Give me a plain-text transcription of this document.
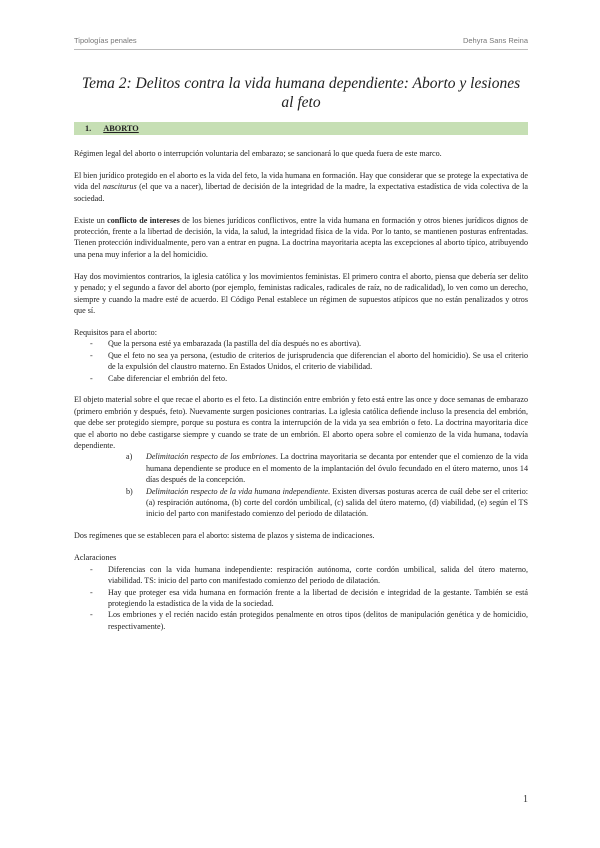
Tipologías penales	Dehyra Sans Reina
Tema 2: Delitos contra la vida humana dependiente: Aborto y lesiones al feto
1. ABORTO

Régimen legal del aborto o interrupción voluntaria del embarazo; se sancionará lo que queda fuera de este marco.

El bien jurídico protegido en el aborto es la vida del feto, la vida humana en formación. Hay que considerar que se protege la expectativa de vida del nasciturus (el que va a nacer), libertad de decisión de la integridad de la madre, la expectativa estadística de vida colectiva de la sociedad.

Existe un conflicto de intereses de los bienes jurídicos conflictivos, entre la vida humana en formación y otros bienes jurídicos dignos de protección, frente a la libertad de decisión, la vida, la salud, la integridad física de la vida. Por lo tanto, se mantienen posturas enfrentadas. Tienen protección individualmente, pero van a entrar en pugna. La doctrina mayoritaria acepta las excepciones al aborto típico, atribuyendo una pena muy inferior a la del homicidio.

Hay dos movimientos contrarios, la iglesia católica y los movimientos feministas. El primero contra el aborto, piensa que debería ser delito y penado; y el segundo a favor del aborto (por ejemplo, feministas radicales, radicales de raíz, no de radicalidad), lo ven como un derecho, siempre y cuando la madre esté de acuerdo. El Código Penal establece un régimen de supuestos atípicos que no están penalizados y otros que sí.

Requisitos para el aborto:
- Que la persona esté ya embarazada (la pastilla del día después no es abortiva).
- Que el feto no sea ya persona, (estudio de criterios de jurisprudencia que diferencian el aborto del homicidio). Se usa el criterio de la expulsión del claustro materno. En Estados Unidos, el criterio de viabilidad.
- Cabe diferenciar el embrión del feto.

El objeto material sobre el que recae el aborto es el feto. La distinción entre embrión y feto está entre las once y doce semanas de embarazo (primero embrión y después, feto). Nuevamente surgen posiciones contrarias. La iglesia católica defiende incluso la presencia del embrión, que debe ser protegido siempre, porque su postura es contra la interrupción de la vida ya sea embrión o feto. La doctrina mayoritaria dice que el aborto no debe castigarse siempre y cuando se trate de un embrión. El aborto opera sobre el comienzo de la vida humana, todavía dependiente.

a) Delimitación respecto de los embriones. La doctrina mayoritaria se decanta por entender que el comienzo de la vida humana dependiente se produce en el momento de la implantación del óvulo fecundado en el útero materno, unos 14 días después de la concepción.
b) Delimitación respecto de la vida humana independiente. Existen diversas posturas acerca de cuál debe ser el criterio: (a) respiración autónoma, (b) corte del cordón umbilical, (c) salida del útero materno, (d) viabilidad, (e) según el TS inicio del parto con manifestado comienzo del periodo de dilatación.

Dos regímenes que se establecen para el aborto: sistema de plazos y sistema de indicaciones.

Aclaraciones
- Diferencias con la vida humana independiente: respiración autónoma, corte cordón umbilical, salida del útero materno, viabilidad. TS: inicio del parto con manifestado comienzo del periodo de dilatación.
- Hay que proteger esa vida humana en formación frente a la libertad de decisión e integridad de la gestante. También se está protegiendo la estadística de la vida de la sociedad.
- Los embriones y el recién nacido están protegidos penalmente en otros tipos (delitos de manipulación genética y de homicidio, respectivamente).
1
